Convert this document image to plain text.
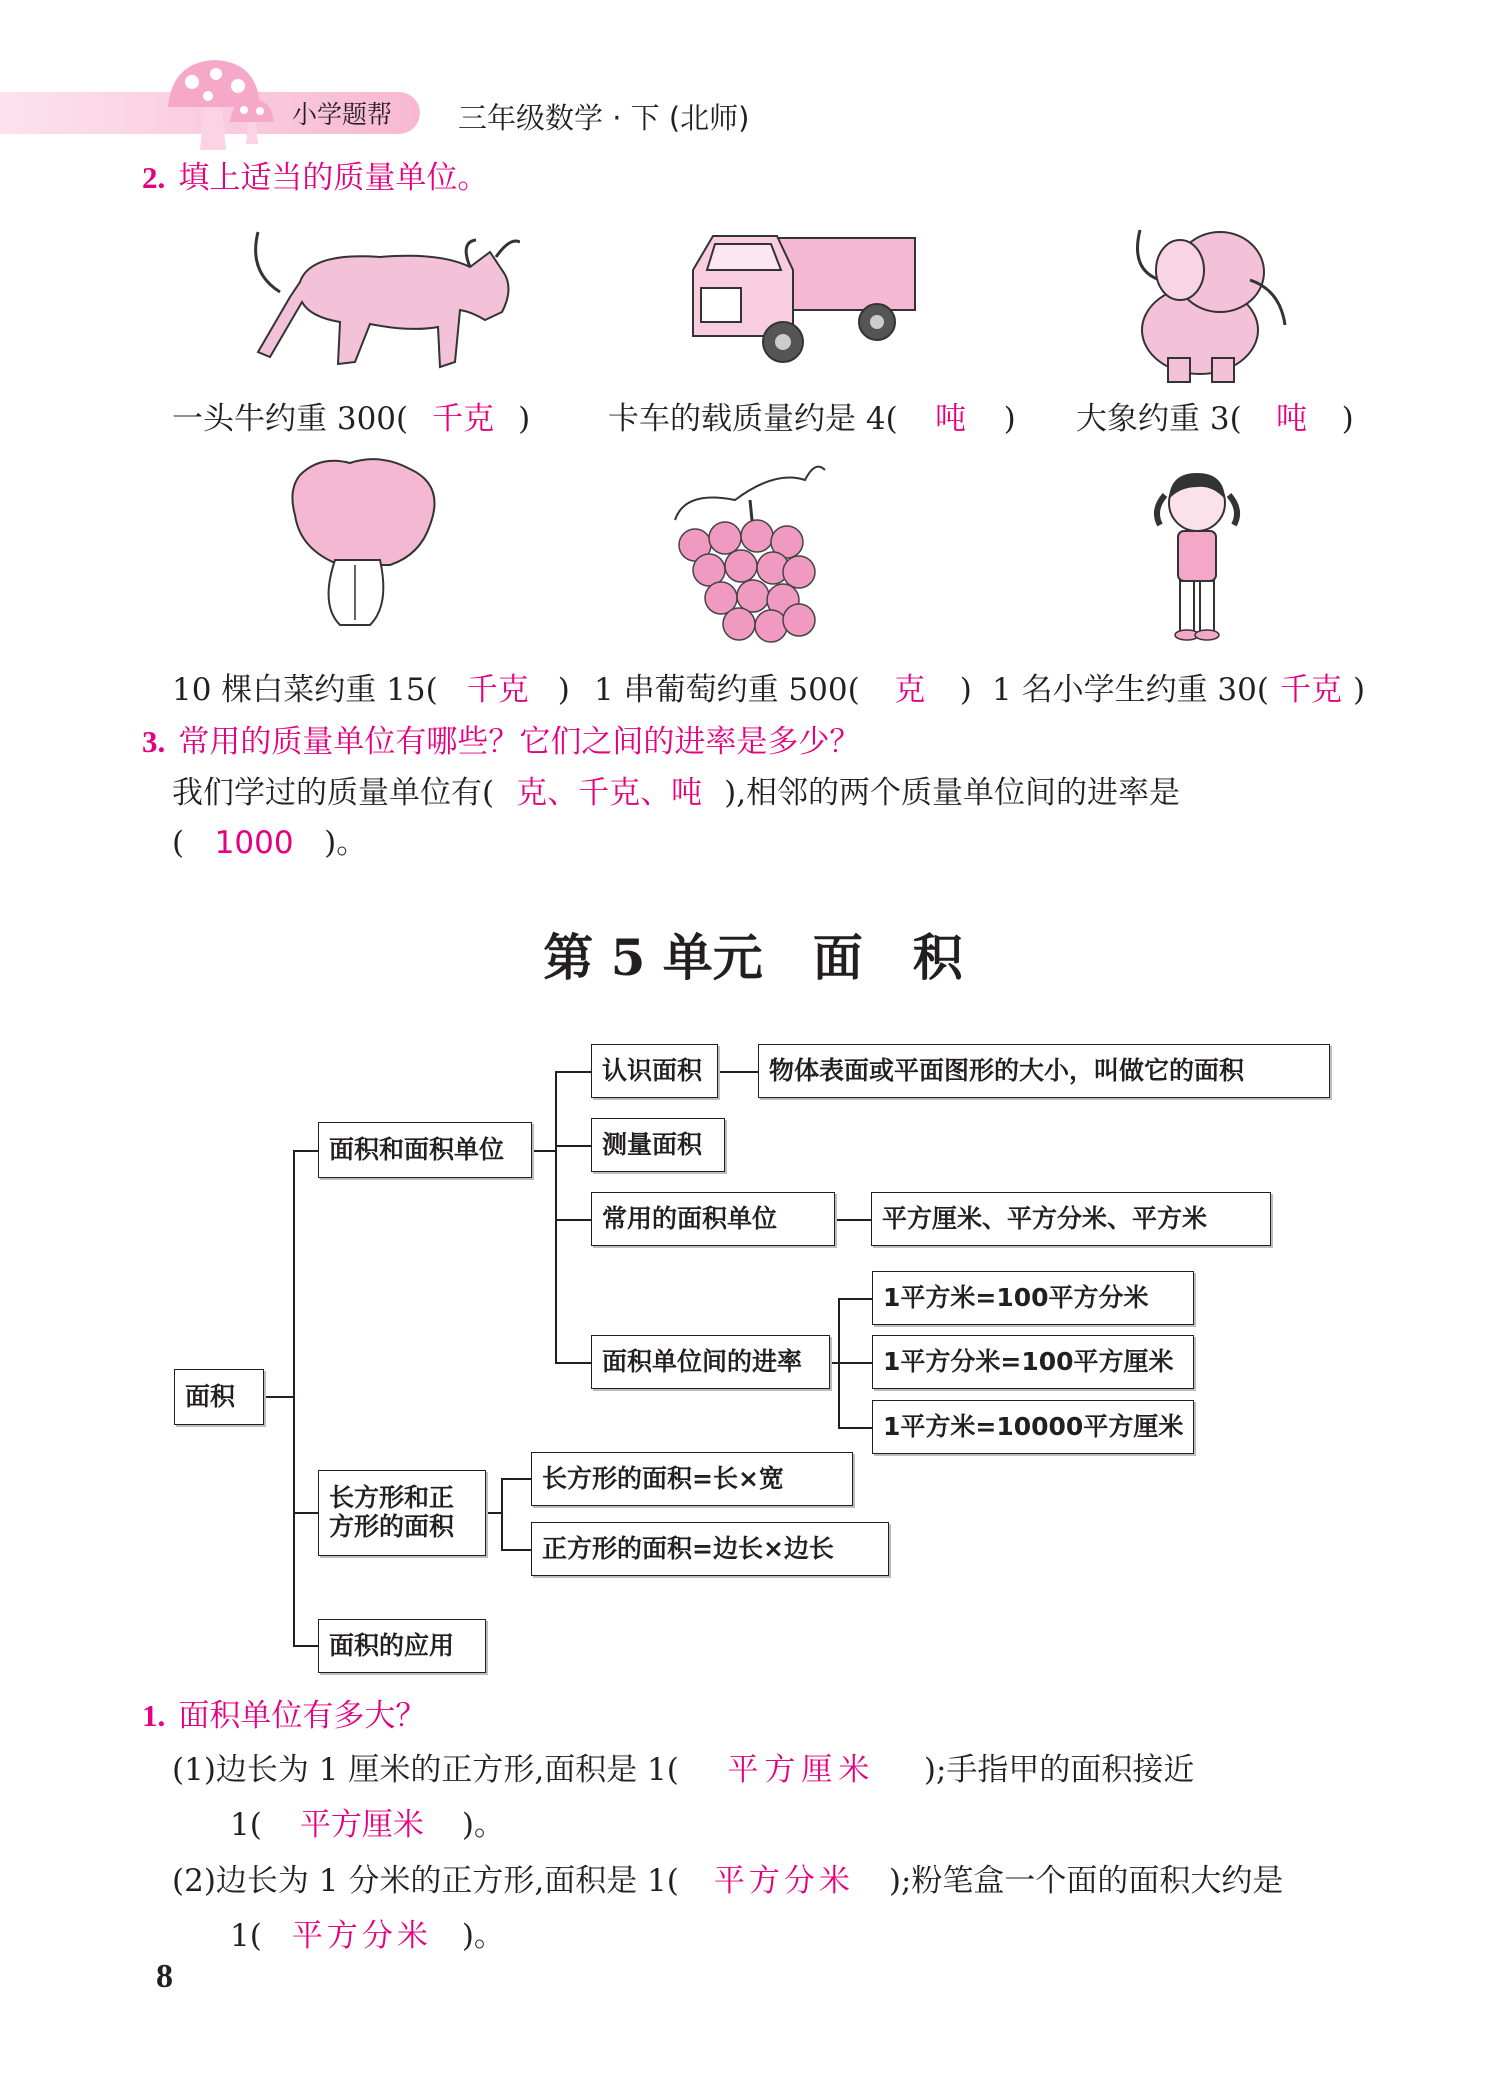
小学题帮 三年级数学 · 下 (北师)
2. 填上适当的质量单位。
一头牛约重 300( 千克 )	卡车的载质量约是 4( 吨 ) 大象约重 3( 吨 )
10 棵白菜约重 15( 千克 ) 1 串葡萄约重 500( 克 ) 1 名小学生约重 30( 千克 )
3. 常用的质量单位有哪些？它们之间的进率是多少？
我们学过的质量单位有( 克、千克、吨 ),相邻的两个质量单位间的进率是
( 1000 )。
第 5 单元　面　积
面积
面积和面积单位
认识面积	物体表面或平面图形的大小，叫做它的面积
测量面积
常用的面积单位	平方厘米、平方分米、平方米
面积单位间的进率
1平方米=100平方分米
1平方分米=100平方厘米
1平方米=10000平方厘米
长方形和正
方形的面积
长方形的面积=长×宽
正方形的面积=边长×边长
面积的应用
1. 面积单位有多大？
(1)边长为 1 厘米的正方形,面积是 1( 平方厘米 );手指甲的面积接近
1( 平方厘米 )。
(2)边长为 1 分米的正方形,面积是 1( 平方分米 );粉笔盒一个面的面积大约是
1( 平方分米 )。
8
